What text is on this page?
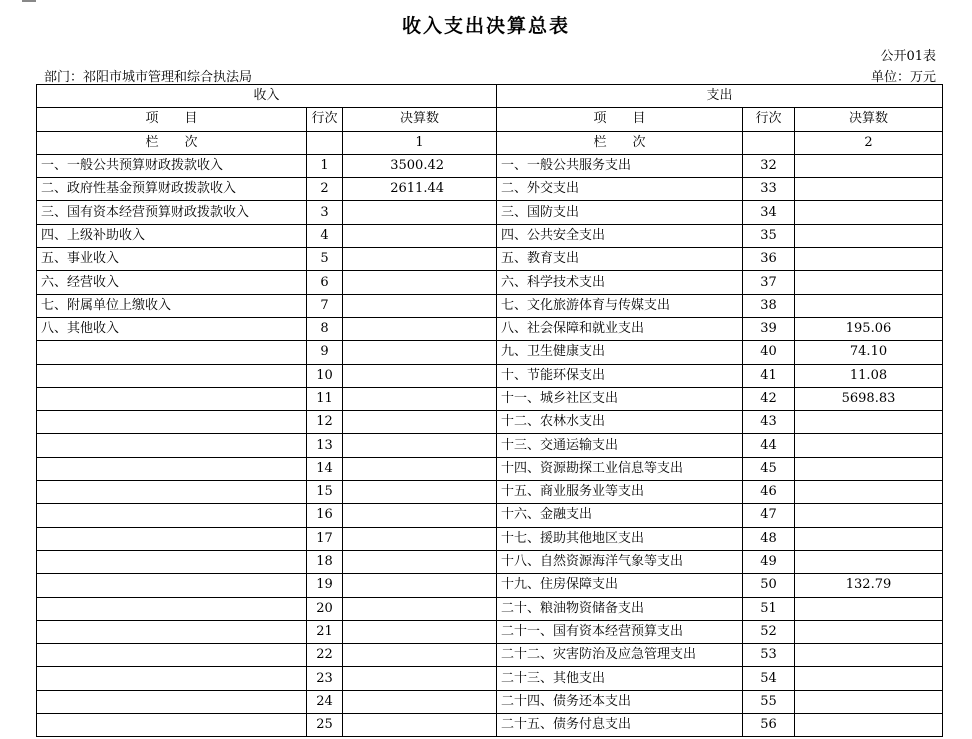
收入支出决算总表
公开01表
部门：祁阳市城市管理和综合执法局	单位：万元
收入			支出		
项　　目	行次	决算数	项　　目	行次	决算数
栏　　次		1	栏　　次		2
一、一般公共预算财政拨款收入	1	3500.42	一、一般公共服务支出	32	
二、政府性基金预算财政拨款收入	2	2611.44	二、外交支出	33	
三、国有资本经营预算财政拨款收入	3		三、国防支出	34	
四、上级补助收入	4		四、公共安全支出	35	
五、事业收入	5		五、教育支出	36	
六、经营收入	6		六、科学技术支出	37	
七、附属单位上缴收入	7		七、文化旅游体育与传媒支出	38	
八、其他收入	8		八、社会保障和就业支出	39	195.06
	9		九、卫生健康支出	40	74.10
	10		十、节能环保支出	41	11.08
	11		十一、城乡社区支出	42	5698.83
	12		十二、农林水支出	43	
	13		十三、交通运输支出	44	
	14		十四、资源勘探工业信息等支出	45	
	15		十五、商业服务业等支出	46	
	16		十六、金融支出	47	
	17		十七、援助其他地区支出	48	
	18		十八、自然资源海洋气象等支出	49	
	19		十九、住房保障支出	50	132.79
	20		二十、粮油物资储备支出	51	
	21		二十一、国有资本经营预算支出	52	
	22		二十二、灾害防治及应急管理支出	53	
	23		二十三、其他支出	54	
	24		二十四、债务还本支出	55	
	25		二十五、债务付息支出	56	
